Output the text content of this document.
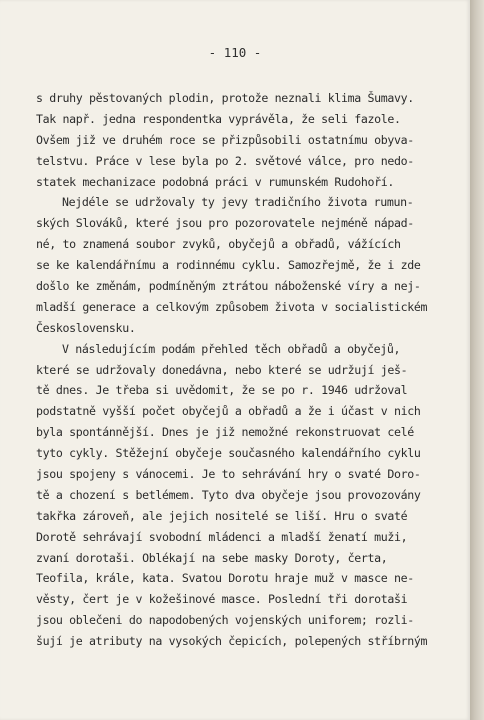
- 110 -
s druhy pěstovaných plodin, protože neznali klima Šumavy.
Tak např. jedna respondentka vyprávěla, že seli fazole.
Ovšem již ve druhém roce se přizpůsobili ostatnímu obyva-
telstvu. Práce v lese byla po 2. světové válce, pro nedo-
statek mechanizace podobná práci v rumunském Rudohoří.
Nejdéle se udržovaly ty jevy tradičního života rumun-
ských Slováků, které jsou pro pozorovatele nejméně nápad-
né, to znamená soubor zvyků, obyčejů a obřadů, vážících
se ke kalendářnímu a rodinnému cyklu. Samozřejmě, že i zde
došlo ke změnám, podmíněným ztrátou náboženské víry a nej-
mladší generace a celkovým způsobem života v socialistickém
Československu.
V následujícím podám přehled těch obřadů a obyčejů,
které se udržovaly donedávna, nebo které se udržují ješ-
tě dnes. Je třeba si uvědomit, že se po r. 1946 udržoval
podstatně vyšší počet obyčejů a obřadů a že i účast v nich
byla spontánnější. Dnes je již nemožné rekonstruovat celé
tyto cykly. Stěžejní obyčeje současného kalendářního cyklu
jsou spojeny s vánocemi. Je to sehrávání hry o svaté Doro-
tě a chození s betlémem. Tyto dva obyčeje jsou provozovány
takřka zároveň, ale jejich nositelé se liší. Hru o svaté
Dorotě sehrávají svobodní mládenci a mladší ženatí muži,
zvaní dorotaši. Oblékají na sebe masky Doroty, čerta,
Teofila, krále, kata. Svatou Dorotu hraje muž v masce ne-
věsty, čert je v kožešinové masce. Poslední tři dorotaši
jsou oblečeni do napodobených vojenských uniforem; rozli-
šují je atributy na vysokých čepicích, polepených stříbrným
